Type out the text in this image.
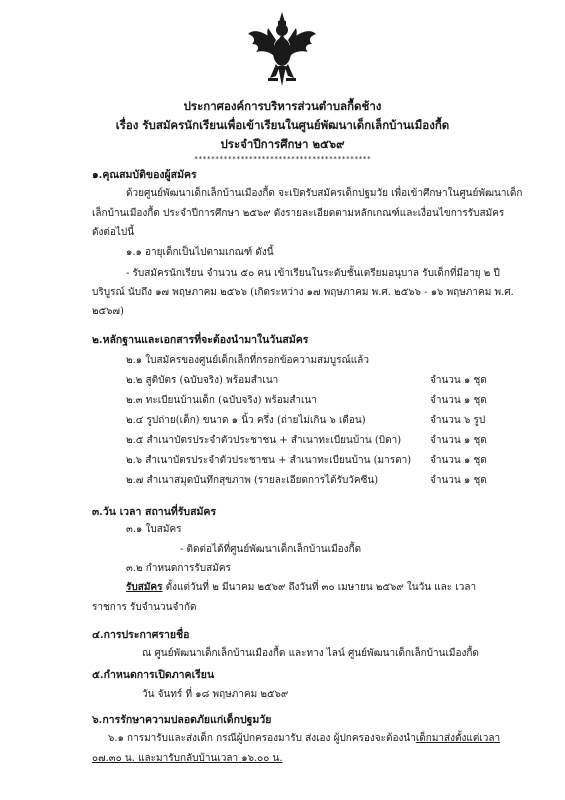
ประกาศองค์การบริหารส่วนตำบลกื้ดช้าง
เรื่อง รับสมัครนักเรียนเพื่อเข้าเรียนในศูนย์พัฒนาเด็กเล็กบ้านเมืองกื้ด
ประจำปีการศึกษา ๒๕๖๙
******************************************
๑.คุณสมบัติของผู้สมัคร
ด้วยศูนย์พัฒนาเด็กเล็กบ้านเมืองกื้ด จะเปิดรับสมัครเด็กปฐมวัย เพื่อเข้าศึกษาในศูนย์พัฒนาเด็ก
เล็กบ้านเมืองกื้ด ประจำปีการศึกษา ๒๕๖๙ ดังรายละเอียดตามหลักเกณฑ์และเงื่อนไขการรับสมัคร
ดังต่อไปนี้
๑.๑ อายุเด็กเป็นไปตามเกณฑ์ ดังนี้
- รับสมัครนักเรียน จำนวน ๕๐ คน เข้าเรียนในระดับชั้นเตรียมอนุบาล รับเด็กที่มีอายุ ๒ ปี
บริบูรณ์ นับถึง ๑๗ พฤษภาคม ๒๕๖๖ (เกิดระหว่าง ๑๗ พฤษภาคม พ.ศ. ๒๕๖๖ - ๑๖ พฤษภาคม พ.ศ.
๒๕๖๗)
๒.หลักฐานและเอกสารที่จะต้องนำมาในวันสมัคร
๒.๑ ใบสมัครของศูนย์เด็กเล็กที่กรอกข้อความสมบูรณ์แล้ว
๒.๒ สูติบัตร (ฉบับจริง) พร้อมสำเนา	จำนวน ๑ ชุด
๒.๓ ทะเบียนบ้านเด็ก (ฉบับจริง) พร้อมสำเนา	จำนวน ๑ ชุด
๒.๔ รูปถ่าย(เด็ก) ขนาด ๑ นิ้ว ครึ่ง (ถ่ายไม่เกิน ๖ เดือน)	จำนวน ๖ รูป
๒.๕ สำเนาบัตรประจำตัวประชาชน + สำเนาทะเบียนบ้าน (บิดา)	จำนวน ๑ ชุด
๒.๖ สำเนาบัตรประจำตัวประชาชน + สำเนาทะเบียนบ้าน (มารดา) จำนวน ๑ ชุด
๒.๗ สำเนาสมุดบันทึกสุขภาพ (รายละเอียดการได้รับวัคซีน)	จำนวน ๑ ชุด
๓.วัน เวลา สถานที่รับสมัคร
๓.๑ ใบสมัคร
- ติดต่อได้ที่ศูนย์พัฒนาเด็กเล็กบ้านเมืองกื้ด
๓.๒ กำหนดการรับสมัคร
รับสมัคร ตั้งแต่วันที่ ๒ มีนาคม ๒๕๖๙ ถึงวันที่ ๓๐ เมษายน ๒๕๖๙ ในวัน และ เวลา
ราชการ รับจำนวนจำกัด
๔.การประกาศรายชื่อ
ณ ศูนย์พัฒนาเด็กเล็กบ้านเมืองกื้ด และทาง ไลน์ ศูนย์พัฒนาเด็กเล็กบ้านเมืองกื้ด
๕.กำหนดการเปิดภาคเรียน
วัน จันทร์ ที่ ๑๘ พฤษภาคม ๒๕๖๙
๖.การรักษาความปลอดภัยแก่เด็กปฐมวัย
๖.๑ การมารับและส่งเด็ก กรณีผู้ปกครองมารับ ส่งเอง ผู้ปกครองจะต้องนำเด็กมาส่งตั้งแต่เวลา
๐๗.๓๐ น. และมารับกลับบ้านเวลา ๑๖.๐๐ น.
